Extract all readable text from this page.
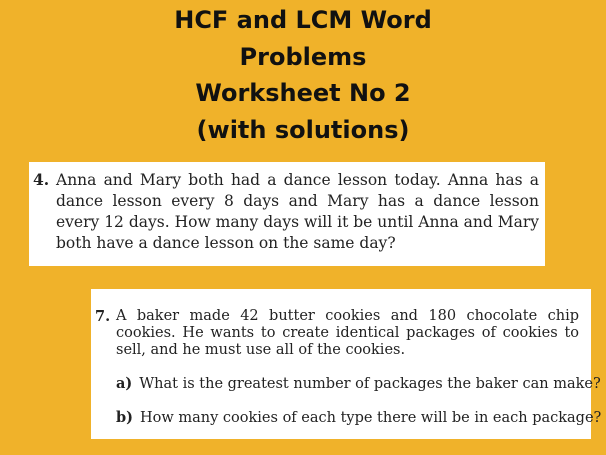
HCF and LCM Word
Problems
Worksheet No 2
(with solutions)
4. Anna and Mary both had a dance lesson today. Anna has a dance lesson every 8 days and Mary has a dance lesson every 12 days. How many days will it be until Anna and Mary both have a dance lesson on the same day?
7. A baker made 42 butter cookies and 180 chocolate chip cookies. He wants to create identical packages of cookies to sell, and he must use all of the cookies.
a) What is the greatest number of packages the baker can make?
b) How many cookies of each type there will be in each package?
